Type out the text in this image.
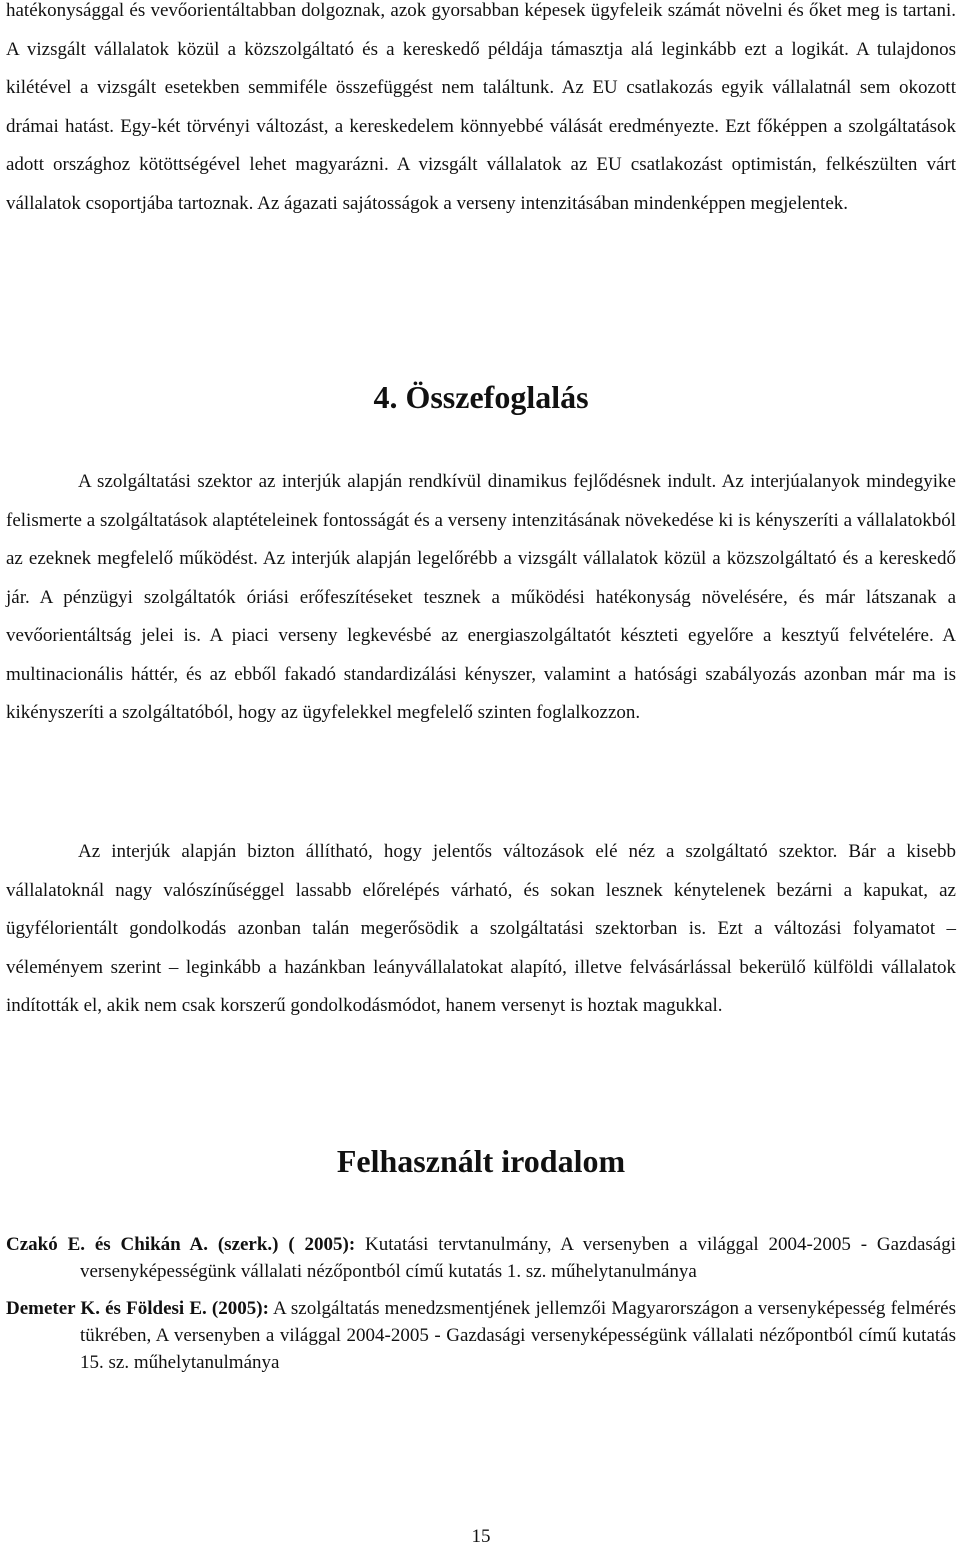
hatékonysággal és vevőorientáltabban dolgoznak, azok gyorsabban képesek ügyfeleik számát növelni és őket meg is tartani. A vizsgált vállalatok közül a közszolgáltató és a kereskedő példája támasztja alá leginkább ezt a logikát. A tulajdonos kilétével a vizsgált esetekben semmiféle összefüggést nem találtunk. Az EU csatlakozás egyik vállalatnál sem okozott drámai hatást. Egy-két törvényi változást, a kereskedelem könnyebbé válását eredményezte. Ezt főképpen a szolgáltatások adott országhoz kötöttségével lehet magyarázni. A vizsgált vállalatok az EU csatlakozást optimistán, felkészülten várt vállalatok csoportjába tartoznak. Az ágazati sajátosságok a verseny intenzitásában mindenképpen megjelentek.

4. Összefoglalás

A szolgáltatási szektor az interjúk alapján rendkívül dinamikus fejlődésnek indult. Az interjúalanyok mindegyike felismerte a szolgáltatások alaptételeinek fontosságát és a verseny intenzitásának növekedése ki is kényszeríti a vállalatokból az ezeknek megfelelő működést. Az interjúk alapján legelőrébb a vizsgált vállalatok közül a közszolgáltató és a kereskedő jár. A pénzügyi szolgáltatók óriási erőfeszítéseket tesznek a működési hatékonyság növelésére, és már látszanak a vevőorientáltság jelei is. A piaci verseny legkevésbé az energiaszolgáltatót készteti egyelőre a kesztyű felvételére. A multinacionális háttér, és az ebből fakadó standardizálási kényszer, valamint a hatósági szabályozás azonban már ma is kikényszeríti a szolgáltatóból, hogy az ügyfelekkel megfelelő szinten foglalkozzon.

Az interjúk alapján bizton állítható, hogy jelentős változások elé néz a szolgáltató szektor. Bár a kisebb vállalatoknál nagy valószínűséggel lassabb előrelépés várható, és sokan lesznek kénytelenek bezárni a kapukat, az ügyfélorientált gondolkodás azonban talán megerősödik a szolgáltatási szektorban is. Ezt a változási folyamatot – véleményem szerint – leginkább a hazánkban leányvállalatokat alapító, illetve felvásárlással bekerülő külföldi vállalatok indították el, akik nem csak korszerű gondolkodásmódot, hanem versenyt is hoztak magukkal.

Felhasznált irodalom

Czakó E. és Chikán A. (szerk.) ( 2005): Kutatási tervtanulmány, A versenyben a világgal 2004-2005 - Gazdasági versenyképességünk vállalati nézőpontból című kutatás 1. sz. műhelytanulmánya

Demeter K. és Földesi E. (2005): A szolgáltatás menedzsmentjének jellemzői Magyarországon a versenyképesség felmérés tükrében, A versenyben a világgal 2004-2005 - Gazdasági versenyképességünk vállalati nézőpontból című kutatás 15. sz. műhelytanulmánya

15
